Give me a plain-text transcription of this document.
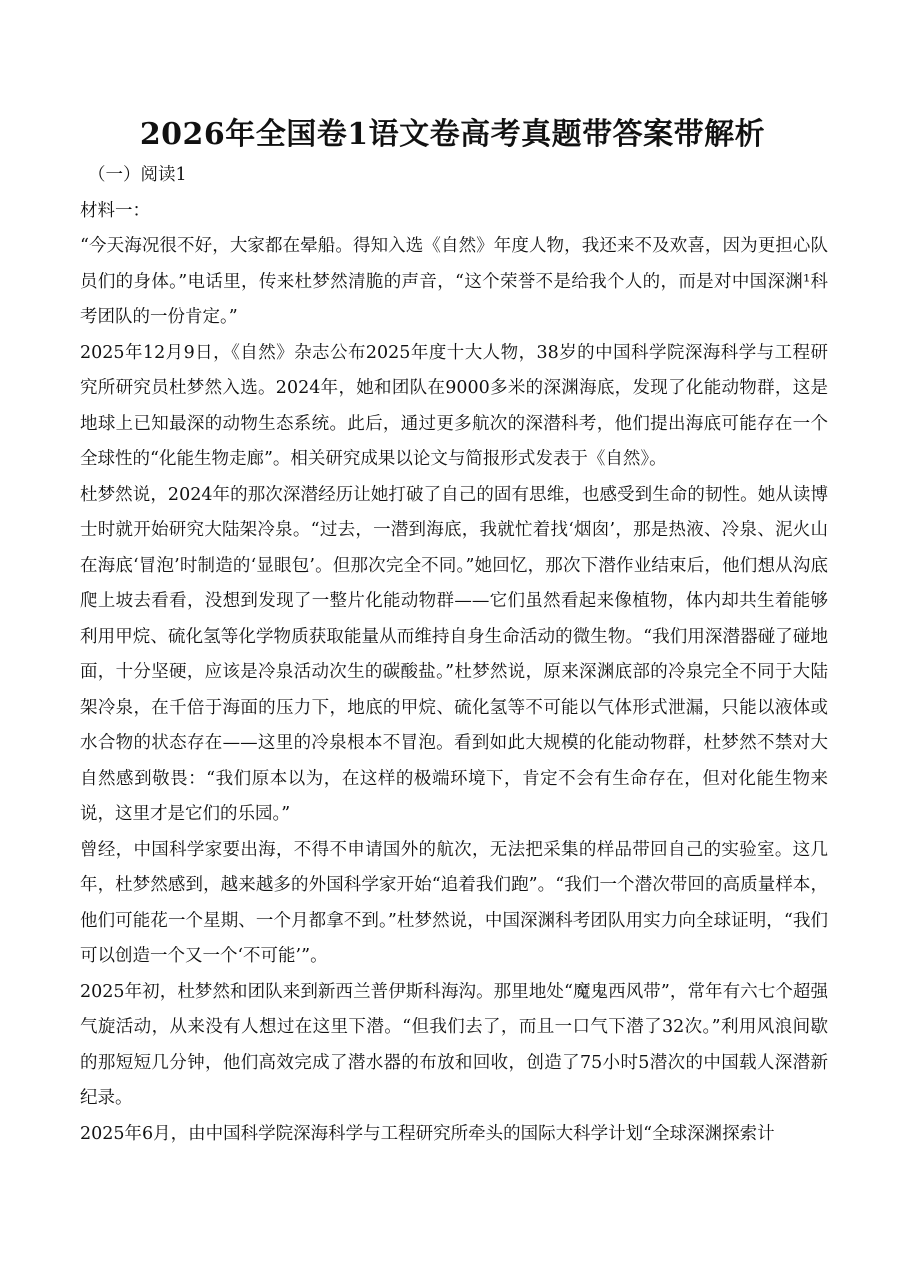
2026年全国卷1语文卷高考真题带答案带解析

（一）阅读1

材料一：

“今天海况很不好，大家都在晕船。得知入选《自然》年度人物，我还来不及欢喜，因为更担心队员们的身体。”电话里，传来杜梦然清脆的声音，“这个荣誉不是给我个人的，而是对中国深渊¹科考团队的一份肯定。”

2025年12月9日，《自然》杂志公布2025年度十大人物，38岁的中国科学院深海科学与工程研究所研究员杜梦然入选。2024年，她和团队在9000多米的深渊海底，发现了化能动物群，这是地球上已知最深的动物生态系统。此后，通过更多航次的深潜科考，他们提出海底可能存在一个全球性的“化能生物走廊”。相关研究成果以论文与简报形式发表于《自然》。

杜梦然说，2024年的那次深潜经历让她打破了自己的固有思维，也感受到生命的韧性。她从读博士时就开始研究大陆架冷泉。“过去，一潜到海底，我就忙着找‘烟囱’，那是热液、冷泉、泥火山在海底‘冒泡’时制造的‘显眼包’。但那次完全不同。”她回忆，那次下潜作业结束后，他们想从沟底爬上坡去看看，没想到发现了一整片化能动物群——它们虽然看起来像植物，体内却共生着能够利用甲烷、硫化氢等化学物质获取能量从而维持自身生命活动的微生物。“我们用深潜器碰了碰地面，十分坚硬，应该是冷泉活动次生的碳酸盐。”杜梦然说，原来深渊底部的冷泉完全不同于大陆架冷泉，在千倍于海面的压力下，地底的甲烷、硫化氢等不可能以气体形式泄漏，只能以液体或水合物的状态存在——这里的冷泉根本不冒泡。看到如此大规模的化能动物群，杜梦然不禁对大自然感到敬畏：“我们原本以为，在这样的极端环境下，肯定不会有生命存在，但对化能生物来说，这里才是它们的乐园。”

曾经，中国科学家要出海，不得不申请国外的航次，无法把采集的样品带回自己的实验室。这几年，杜梦然感到，越来越多的外国科学家开始“追着我们跑”。“我们一个潜次带回的高质量样本，他们可能花一个星期、一个月都拿不到。”杜梦然说，中国深渊科考团队用实力向全球证明，“我们可以创造一个又一个‘不可能’”。

2025年初，杜梦然和团队来到新西兰普伊斯科海沟。那里地处“魔鬼西风带”，常年有六七个超强气旋活动，从来没有人想过在这里下潜。“但我们去了，而且一口气下潜了32次。”利用风浪间歇的那短短几分钟，他们高效完成了潜水器的布放和回收，创造了75小时5潜次的中国载人深潜新纪录。

2025年6月，由中国科学院深海科学与工程研究所牵头的国际大科学计划“全球深渊探索计
